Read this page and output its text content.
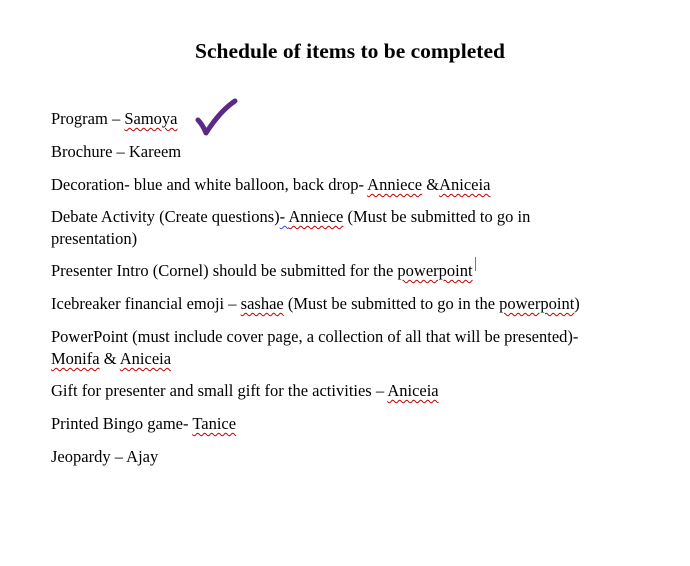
Schedule of items to be completed
Program – Samoya
Brochure – Kareem
Decoration- blue and white balloon, back drop- Anniece &Aniceia
Debate Activity (Create questions)- Anniece (Must be submitted to go in
presentation)
Presenter Intro (Cornel) should be submitted for the powerpoint
Icebreaker financial emoji – sashae (Must be submitted to go in the powerpoint)
PowerPoint (must include cover page, a collection of all that will be presented)-
Monifa & Aniceia
Gift for presenter and small gift for the activities – Aniceia
Printed Bingo game- Tanice
Jeopardy – Ajay
